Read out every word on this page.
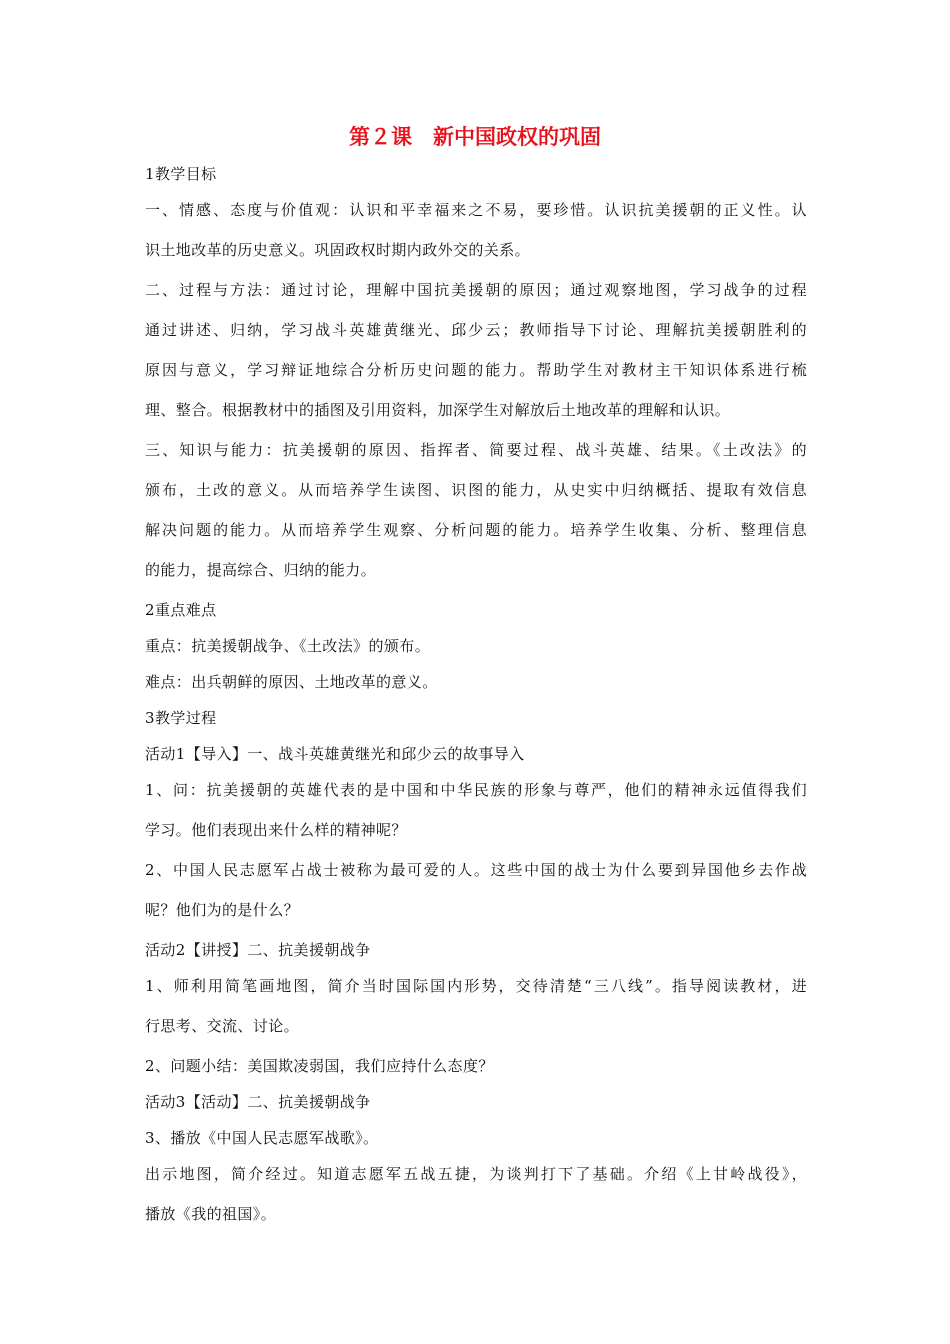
第２课　新中国政权的巩固
1教学目标
一、情感、态度与价值观：认识和平幸福来之不易，要珍惜。认识抗美援朝的正义性。认
识土地改革的历史意义。巩固政权时期内政外交的关系。
二、过程与方法：通过讨论，理解中国抗美援朝的原因；通过观察地图，学习战争的过程
通过讲述、归纳，学习战斗英雄黄继光、邱少云；教师指导下讨论、理解抗美援朝胜利的
原因与意义，学习辩证地综合分析历史问题的能力。帮助学生对教材主干知识体系进行梳
理、整合。根据教材中的插图及引用资料，加深学生对解放后土地改革的理解和认识。
三、知识与能力：抗美援朝的原因、指挥者、简要过程、战斗英雄、结果。《土改法》的
颁布，土改的意义。从而培养学生读图、识图的能力，从史实中归纳概括、提取有效信息
解决问题的能力。从而培养学生观察、分析问题的能力。培养学生收集、分析、整理信息
的能力，提高综合、归纳的能力。
2重点难点
重点：抗美援朝战争、《土改法》的颁布。
难点：出兵朝鲜的原因、土地改革的意义。
3教学过程
活动1【导入】一、战斗英雄黄继光和邱少云的故事导入
1、问：抗美援朝的英雄代表的是中国和中华民族的形象与尊严，他们的精神永远值得我们
学习。他们表现出来什么样的精神呢？
2、中国人民志愿军占战士被称为最可爱的人。这些中国的战士为什么要到异国他乡去作战
呢？他们为的是什么？
活动2【讲授】二、抗美援朝战争
1、师利用简笔画地图，简介当时国际国内形势，交待清楚“三八线”。指导阅读教材，进
行思考、交流、讨论。
2、问题小结：美国欺凌弱国，我们应持什么态度？
活动3【活动】二、抗美援朝战争
3、播放《中国人民志愿军战歌》。
出示地图，简介经过。知道志愿军五战五捷，为谈判打下了基础。介绍《上甘岭战役》，
播放《我的祖国》。
